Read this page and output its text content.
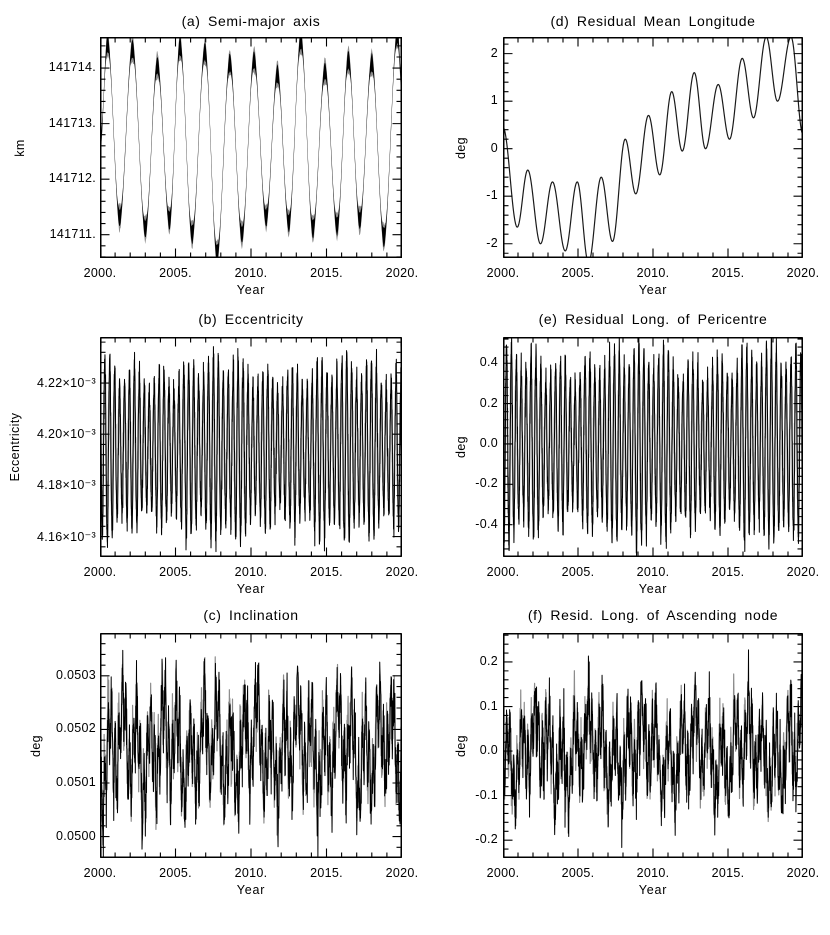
(a) Semi-major axis
km
141711.
141712.
141713.
141714.
2000.	2005.	2010.	2015.	2020.
Year
(b) Eccentricity
Eccentricity
4.16×10⁻³
4.18×10⁻³
4.20×10⁻³
4.22×10⁻³
2000.	2005.	2010.	2015.	2020.
Year
(c) Inclination
deg
0.0500
0.0501
0.0502
0.0503
2000.	2005.	2010.	2015.	2020.
Year
(d) Residual Mean Longitude
deg
-2
-1
0
1
2
2000.	2005.	2010.	2015.	2020.
Year
(e) Residual Long. of Pericentre
deg
-0.4
-0.2
0.0
0.2
0.4
2000.	2005.	2010.	2015.	2020.
Year
(f) Resid. Long. of Ascending node
deg
-0.2
-0.1
0.0
0.1
0.2
2000.	2005.	2010.	2015.	2020.
Year
